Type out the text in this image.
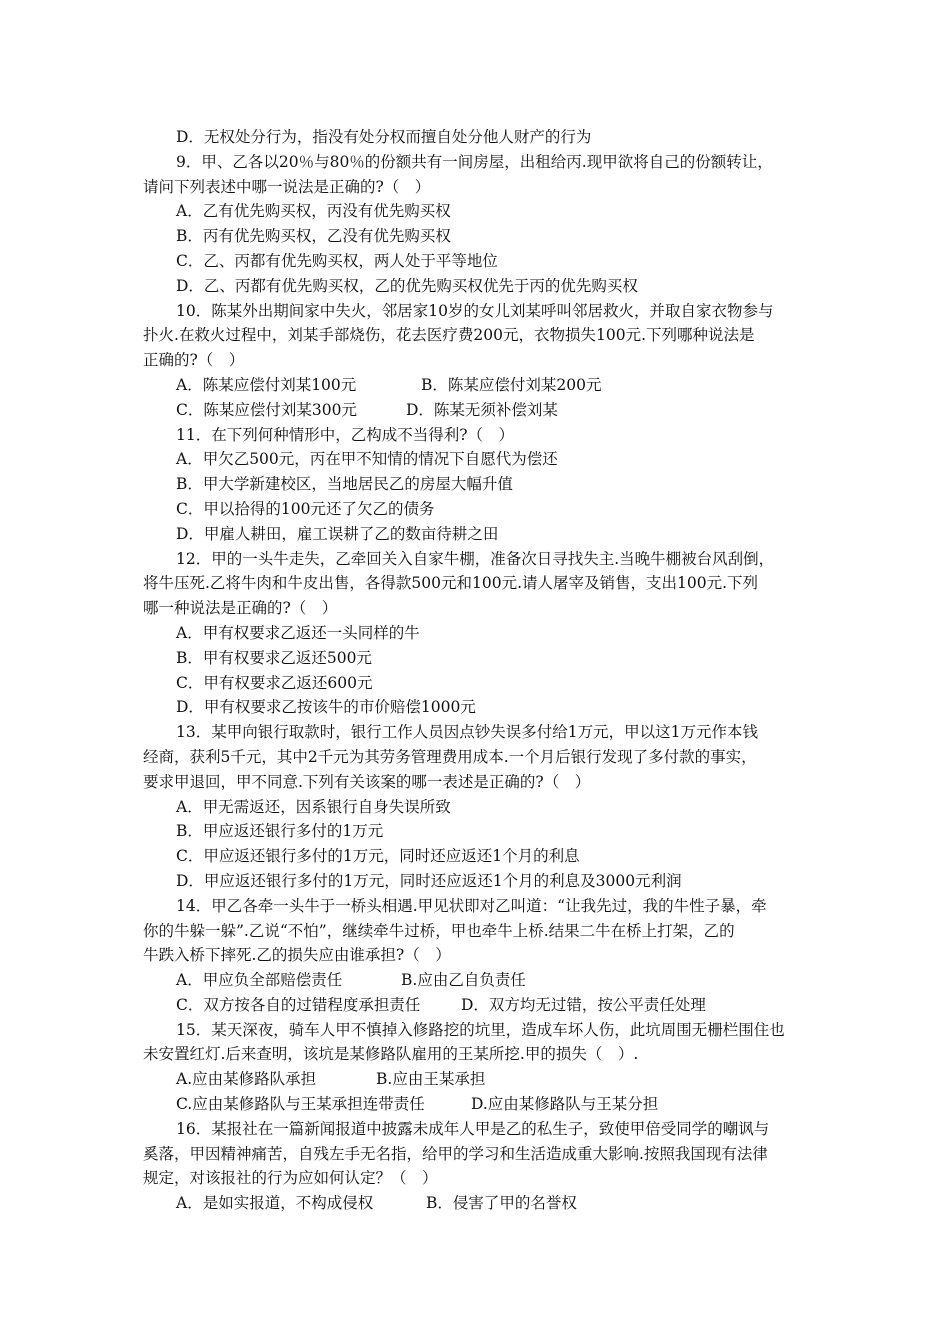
D．无权处分行为，指没有处分权而擅自处分他人财产的行为
9．甲、乙各以20％与80％的份额共有一间房屋，出租给丙.现甲欲将自己的份额转让，
请问下列表述中哪一说法是正确的?（　）
A．乙有优先购买权，丙没有优先购买权
B．丙有优先购买权，乙没有优先购买权
C．乙、丙都有优先购买权，两人处于平等地位
D．乙、丙都有优先购买权，乙的优先购买权优先于丙的优先购买权
10．陈某外出期间家中失火，邻居家10岁的女儿刘某呼叫邻居救火，并取自家衣物参与
扑火.在救火过程中，刘某手部烧伤，花去医疗费200元，衣物损失100元.下列哪种说法是
正确的?（　）
A．陈某应偿付刘某100元	B．陈某应偿付刘某200元
C．陈某应偿付刘某300元	D．陈某无须补偿刘某
11．在下列何种情形中，乙构成不当得利?（　）
A．甲欠乙500元，丙在甲不知情的情况下自愿代为偿还
B．甲大学新建校区，当地居民乙的房屋大幅升值
C．甲以拾得的100元还了欠乙的债务
D．甲雇人耕田，雇工误耕了乙的数亩待耕之田
12．甲的一头牛走失，乙牵回关入自家牛棚，准备次日寻找失主.当晚牛棚被台风刮倒，
将牛压死.乙将牛肉和牛皮出售，各得款500元和100元.请人屠宰及销售，支出100元.下列
哪一种说法是正确的?（　）
A．甲有权要求乙返还一头同样的牛
B．甲有权要求乙返还500元
C．甲有权要求乙返还600元
D．甲有权要求乙按该牛的市价赔偿1000元
13．某甲向银行取款时，银行工作人员因点钞失误多付给1万元，甲以这1万元作本钱
经商，获利5千元，其中2千元为其劳务管理费用成本.一个月后银行发现了多付款的事实，
要求甲退回，甲不同意.下列有关该案的哪一表述是正确的?（　）
A．甲无需返还，因系银行自身失误所致
B．甲应返还银行多付的1万元
C．甲应返还银行多付的1万元，同时还应返还1个月的利息
D．甲应返还银行多付的1万元，同时还应返还1个月的利息及3000元利润
14．甲乙各牵一头牛于一桥头相遇.甲见状即对乙叫道：“让我先过，我的牛性子暴，牵
你的牛躲一躲”.乙说“不怕”，继续牵牛过桥，甲也牵牛上桥.结果二牛在桥上打架，乙的
牛跌入桥下摔死.乙的损失应由谁承担?（　）
A．甲应负全部赔偿责任	B.应由乙自负责任
C．双方按各自的过错程度承担责任	D．双方均无过错，按公平责任处理
15．某天深夜，骑车人甲不慎掉入修路挖的坑里，造成车坏人伤，此坑周围无栅栏围住也
未安置红灯.后来查明，该坑是某修路队雇用的王某所挖.甲的损失（　）.
A.应由某修路队承担	B.应由王某承担
C.应由某修路队与王某承担连带责任	D.应由某修路队与王某分担
16．某报社在一篇新闻报道中披露未成年人甲是乙的私生子，致使甲倍受同学的嘲讽与
奚落，甲因精神痛苦，自残左手无名指，给甲的学习和生活造成重大影响.按照我国现有法律
规定，对该报社的行为应如何认定？（　）
A．是如实报道，不构成侵权	B．侵害了甲的名誉权
